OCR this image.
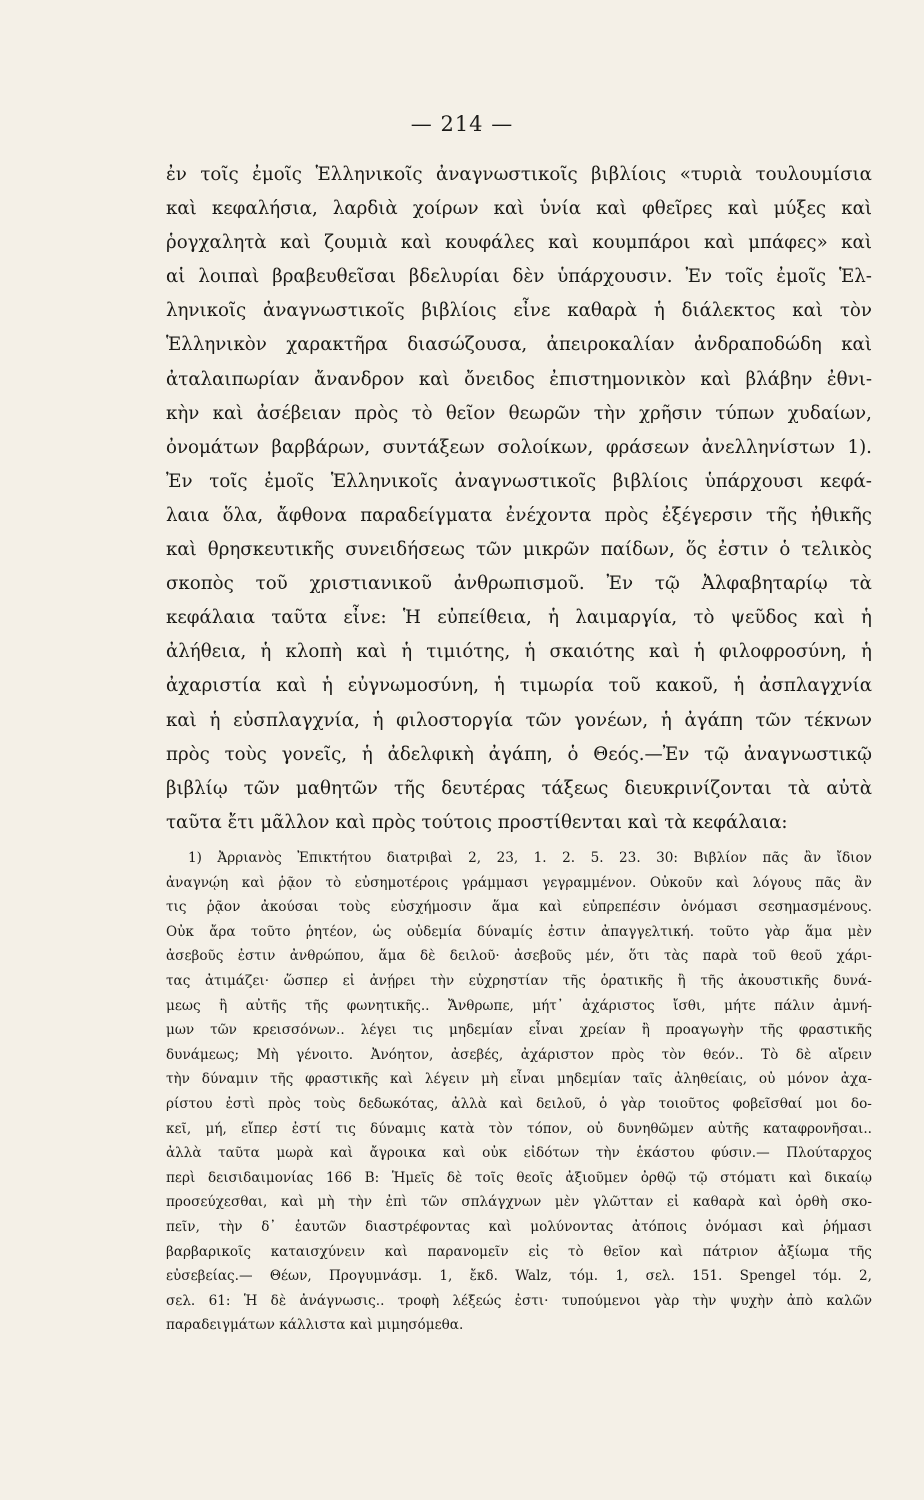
— 214 —
ἐν τοῖς ἐμοῖς Ἑλληνικοῖς ἀναγνωστικοῖς βιβλίοις «τυριὰ τουλουμίσια
καὶ κεφαλήσια, λαρδιὰ χοίρων καὶ ὑνία καὶ φθεῖρες καὶ μύξες καὶ
ῥογχαλητὰ καὶ ζουμιὰ καὶ κουφάλες καὶ κουμπάροι καὶ μπάφες» καὶ
αἱ λοιπαὶ βραβευθεῖσαι βδελυρίαι δὲν ὑπάρχουσιν. Ἐν τοῖς ἐμοῖς Ἑλ-
ληνικοῖς ἀναγνωστικοῖς βιβλίοις εἶνε καθαρὰ ἡ διάλεκτος καὶ τὸν
Ἑλληνικὸν χαρακτῆρα διασώζουσα, ἀπειροκαλίαν ἀνδραποδώδη καὶ
ἀταλαιπωρίαν ἄνανδρον καὶ ὄνειδος ἐπιστημονικὸν καὶ βλάβην ἐθνι-
κὴν καὶ ἀσέβειαν πρὸς τὸ θεῖον θεωρῶν τὴν χρῆσιν τύπων χυδαίων,
ὀνομάτων βαρβάρων, συντάξεων σολοίκων, φράσεων ἀνελληνίστων 1).
Ἐν τοῖς ἐμοῖς Ἑλληνικοῖς ἀναγνωστικοῖς βιβλίοις ὑπάρχουσι κεφά-
λαια ὅλα, ἄφθονα παραδείγματα ἐνέχοντα πρὸς ἐξέγερσιν τῆς ἠθικῆς
καὶ θρησκευτικῆς συνειδήσεως τῶν μικρῶν παίδων, ὅς ἐστιν ὁ τελικὸς
σκοπὸς τοῦ χριστιανικοῦ ἀνθρωπισμοῦ. Ἐν τῷ Ἀλφαβηταρίῳ τὰ
κεφάλαια ταῦτα εἶνε: Ἡ εὐπείθεια, ἡ λαιμαργία, τὸ ψεῦδος καὶ ἡ
ἀλήθεια, ἡ κλοπὴ καὶ ἡ τιμιότης, ἡ σκαιότης καὶ ἡ φιλοφροσύνη, ἡ
ἀχαριστία καὶ ἡ εὐγνωμοσύνη, ἡ τιμωρία τοῦ κακοῦ, ἡ ἀσπλαγχνία
καὶ ἡ εὐσπλαγχνία, ἡ φιλοστοργία τῶν γονέων, ἡ ἀγάπη τῶν τέκνων
πρὸς τοὺς γονεῖς, ἡ ἀδελφικὴ ἀγάπη, ὁ Θεός.—Ἐν τῷ ἀναγνωστικῷ
βιβλίῳ τῶν μαθητῶν τῆς δευτέρας τάξεως διευκρινίζονται τὰ αὐτὰ
ταῦτα ἔτι μᾶλλον καὶ πρὸς τούτοις προστίθενται καὶ τὰ κεφάλαια:
1) Ἀρριανὸς Ἐπικτήτου διατριβαὶ 2, 23, 1. 2. 5. 23. 30: Βιβλίον πᾶς ἂν ἴδιον
ἀναγνῴη καὶ ῥᾷον τὸ εὐσημοτέροις γράμμασι γεγραμμένον. Οὐκοῦν καὶ λόγους πᾶς ἂν
τις ῥᾷον ἀκούσαι τοὺς εὐσχήμοσιν ἅμα καὶ εὐπρεπέσιν ὀνόμασι σεσημασμένους.
Οὐκ ἄρα τοῦτο ῥητέον, ὡς οὐδεμία δύναμίς ἐστιν ἀπαγγελτική. τοῦτο γὰρ ἅμα μὲν
ἀσεβοῦς ἐστιν ἀνθρώπου, ἅμα δὲ δειλοῦ· ἀσεβοῦς μέν, ὅτι τὰς παρὰ τοῦ θεοῦ χάρι-
τας ἀτιμάζει· ὥσπερ εἰ ἀνῄρει τὴν εὐχρηστίαν τῆς ὁρατικῆς ἢ τῆς ἀκουστικῆς δυνά-
μεως ἢ αὐτῆς τῆς φωνητικῆς.. Ἄνθρωπε, μήτ᾽ ἀχάριστος ἴσθι, μήτε πάλιν ἀμνή-
μων τῶν κρεισσόνων.. λέγει τις μηδεμίαν εἶναι χρείαν ἢ προαγωγὴν τῆς φραστικῆς
δυνάμεως; Μὴ γένοιτο. Ἀνόητον, ἀσεβές, ἀχάριστον πρὸς τὸν θεόν.. Τὸ δὲ αἴρειν
τὴν δύναμιν τῆς φραστικῆς καὶ λέγειν μὴ εἶναι μηδεμίαν ταῖς ἀληθείαις, οὐ μόνον ἀχα-
ρίστου ἐστὶ πρὸς τοὺς δεδωκότας, ἀλλὰ καὶ δειλοῦ, ὁ γὰρ τοιοῦτος φοβεῖσθαί μοι δο-
κεῖ, μή, εἴπερ ἐστί τις δύναμις κατὰ τὸν τόπον, οὐ δυνηθῶμεν αὐτῆς καταφρονῆσαι..
ἀλλὰ ταῦτα μωρὰ καὶ ἄγροικα καὶ οὐκ εἰδότων τὴν ἑκάστου φύσιν.— Πλούταρχος
περὶ δεισιδαιμονίας 166 B: Ἡμεῖς δὲ τοῖς θεοῖς ἀξιοῦμεν ὀρθῷ τῷ στόματι καὶ δικαίῳ
προσεύχεσθαι, καὶ μὴ τὴν ἐπὶ τῶν σπλάγχνων μὲν γλῶτταν εἰ καθαρὰ καὶ ὀρθὴ σκο-
πεῖν, τὴν δ᾽ ἑαυτῶν διαστρέφοντας καὶ μολύνοντας ἀτόποις ὀνόμασι καὶ ῥήμασι
βαρβαρικοῖς καταισχύνειν καὶ παρανομεῖν εἰς τὸ θεῖον καὶ πάτριον ἀξίωμα τῆς
εὐσεβείας.— Θέων, Προγυμνάσμ. 1, ἔκδ. Walz, τόμ. 1, σελ. 151. Spengel τόμ. 2,
σελ. 61: Ἡ δὲ ἀνάγνωσις.. τροφὴ λέξεώς ἐστι· τυπούμενοι γὰρ τὴν ψυχὴν ἀπὸ καλῶν
παραδειγμάτων κάλλιστα καὶ μιμησόμεθα.
